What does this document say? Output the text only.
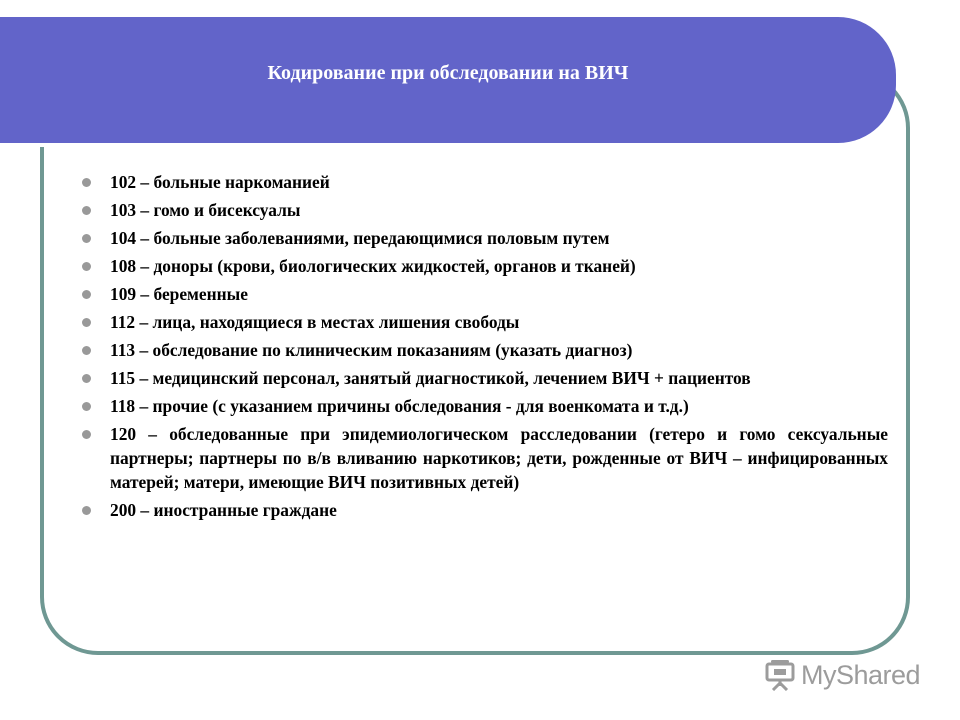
Кодирование при обследовании на ВИЧ
102 – больные наркоманией
103 – гомо и бисексуалы
104 – больные заболеваниями, передающимися половым путем
108 – доноры (крови, биологических жидкостей, органов и тканей)
109 – беременные
112 – лица, находящиеся в местах лишения свободы
113 – обследование по клиническим показаниям (указать диагноз)
115 – медицинский персонал, занятый диагностикой, лечением ВИЧ + пациентов
118 – прочие (с указанием причины обследования - для военкомата и т.д.)
120 – обследованные при эпидемиологическом расследовании (гетеро и гомо сексуальные партнеры; партнеры по в/в вливанию наркотиков; дети, рожденные от ВИЧ – инфицированных матерей; матери, имеющие ВИЧ позитивных детей)
200 – иностранные граждане
MyShared
